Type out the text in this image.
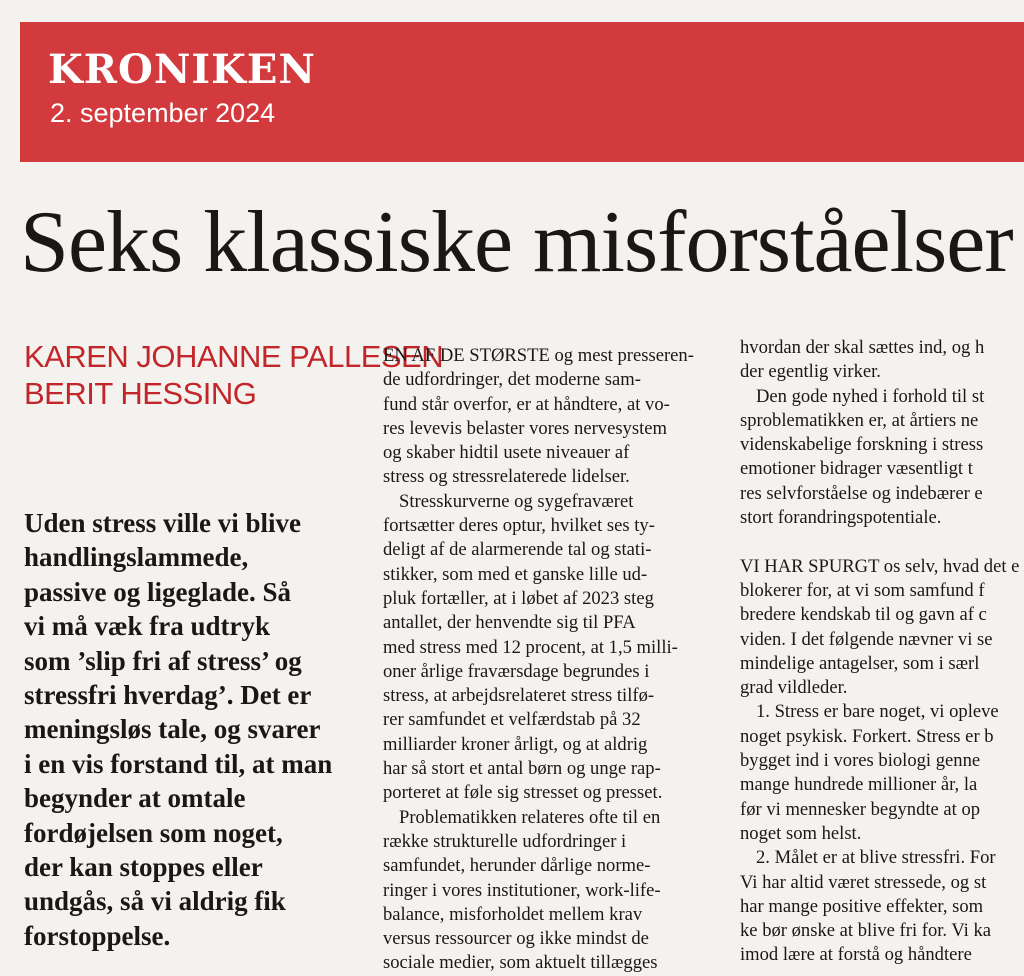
KRONIKEN
2. september 2024
Seks klassiske misforståelser
KAREN JOHANNE PALLESEN
BERIT HESSING
Uden stress ville vi blive
handlingslammede,
passive og ligeglade. Så
vi må væk fra udtryk
som ’slip fri af stress’ og
stressfri hverdag’. Det er
meningsløs tale, og svarer
i en vis forstand til, at man
begynder at omtale
fordøjelsen som noget,
der kan stoppes eller
undgås, så vi aldrig fik
forstoppelse.
EN AF DE STØRSTE og mest presseren-
de udfordringer, det moderne sam-
fund står overfor, er at håndtere, at vo-
res levevis belaster vores nervesystem
og skaber hidtil usete niveauer af
stress og stressrelaterede lidelser.
Stresskurverne og sygefraværet
fortsætter deres optur, hvilket ses ty-
deligt af de alarmerende tal og stati-
stikker, som med et ganske lille ud-
pluk fortæller, at i løbet af 2023 steg
antallet, der henvendte sig til PFA
med stress med 12 procent, at 1,5 milli-
oner årlige fraværsdage begrundes i
stress, at arbejdsrelateret stress tilfø-
rer samfundet et velfærdstab på 32
milliarder kroner årligt, og at aldrig
har så stort et antal børn og unge rap-
porteret at føle sig stresset og presset.
Problematikken relateres ofte til en
række strukturelle udfordringer i
samfundet, herunder dårlige norme-
ringer i vores institutioner, work-life-
balance, misforholdet mellem krav
versus ressourcer og ikke mindst de
sociale medier, som aktuelt tillægges
hvordan der skal sættes ind, og h
der egentlig virker.
Den gode nyhed i forhold til st
sproblematikken er, at årtiers ne
videnskabelige forskning i stress
emotioner bidrager væsentligt t
res selvforståelse og indebærer e
stort forandringspotentiale.

VI HAR SPURGT os selv, hvad det e
blokerer for, at vi som samfund f
bredere kendskab til og gavn af c
viden. I det følgende nævner vi se
mindelige antagelser, som i særl
grad vildleder.
1. Stress er bare noget, vi opleve
noget psykisk. Forkert. Stress er b
bygget ind i vores biologi genne
mange hundrede millioner år, la
før vi mennesker begyndte at op
noget som helst.
2. Målet er at blive stressfri. For
Vi har altid været stressede, og st
har mange positive effekter, som
ke bør ønske at blive fri for. Vi ka
imod lære at forstå og håndtere
